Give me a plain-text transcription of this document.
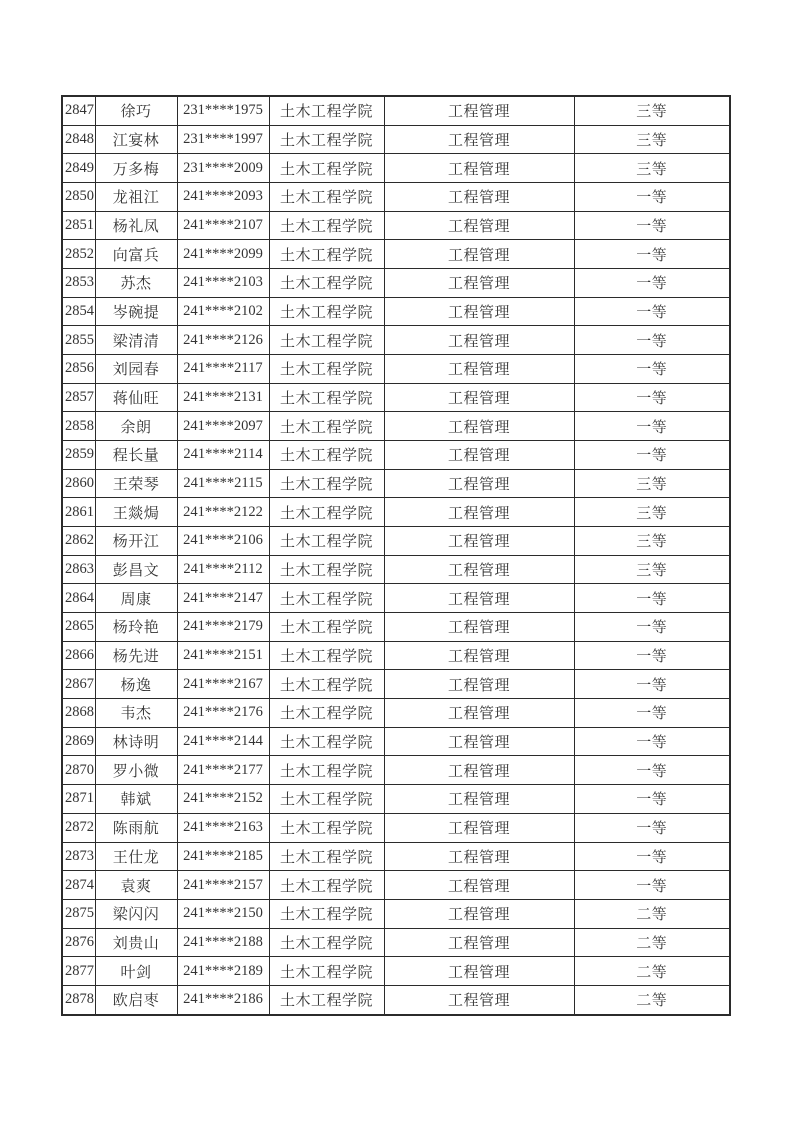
2847	徐巧	231****1975	土木工程学院	工程管理	三等
2848	江宴林	231****1997	土木工程学院	工程管理	三等
2849	万多梅	231****2009	土木工程学院	工程管理	三等
2850	龙祖江	241****2093	土木工程学院	工程管理	一等
2851	杨礼凤	241****2107	土木工程学院	工程管理	一等
2852	向富兵	241****2099	土木工程学院	工程管理	一等
2853	苏杰	241****2103	土木工程学院	工程管理	一等
2854	岑碗提	241****2102	土木工程学院	工程管理	一等
2855	梁清清	241****2126	土木工程学院	工程管理	一等
2856	刘园春	241****2117	土木工程学院	工程管理	一等
2857	蒋仙旺	241****2131	土木工程学院	工程管理	一等
2858	余朗	241****2097	土木工程学院	工程管理	一等
2859	程长量	241****2114	土木工程学院	工程管理	一等
2860	王荣琴	241****2115	土木工程学院	工程管理	三等
2861	王燚焗	241****2122	土木工程学院	工程管理	三等
2862	杨开江	241****2106	土木工程学院	工程管理	三等
2863	彭昌文	241****2112	土木工程学院	工程管理	三等
2864	周康	241****2147	土木工程学院	工程管理	一等
2865	杨玲艳	241****2179	土木工程学院	工程管理	一等
2866	杨先进	241****2151	土木工程学院	工程管理	一等
2867	杨逸	241****2167	土木工程学院	工程管理	一等
2868	韦杰	241****2176	土木工程学院	工程管理	一等
2869	林诗明	241****2144	土木工程学院	工程管理	一等
2870	罗小微	241****2177	土木工程学院	工程管理	一等
2871	韩斌	241****2152	土木工程学院	工程管理	一等
2872	陈雨航	241****2163	土木工程学院	工程管理	一等
2873	王仕龙	241****2185	土木工程学院	工程管理	一等
2874	袁爽	241****2157	土木工程学院	工程管理	一等
2875	梁闪闪	241****2150	土木工程学院	工程管理	二等
2876	刘贵山	241****2188	土木工程学院	工程管理	二等
2877	叶剑	241****2189	土木工程学院	工程管理	二等
2878	欧启枣	241****2186	土木工程学院	工程管理	二等
